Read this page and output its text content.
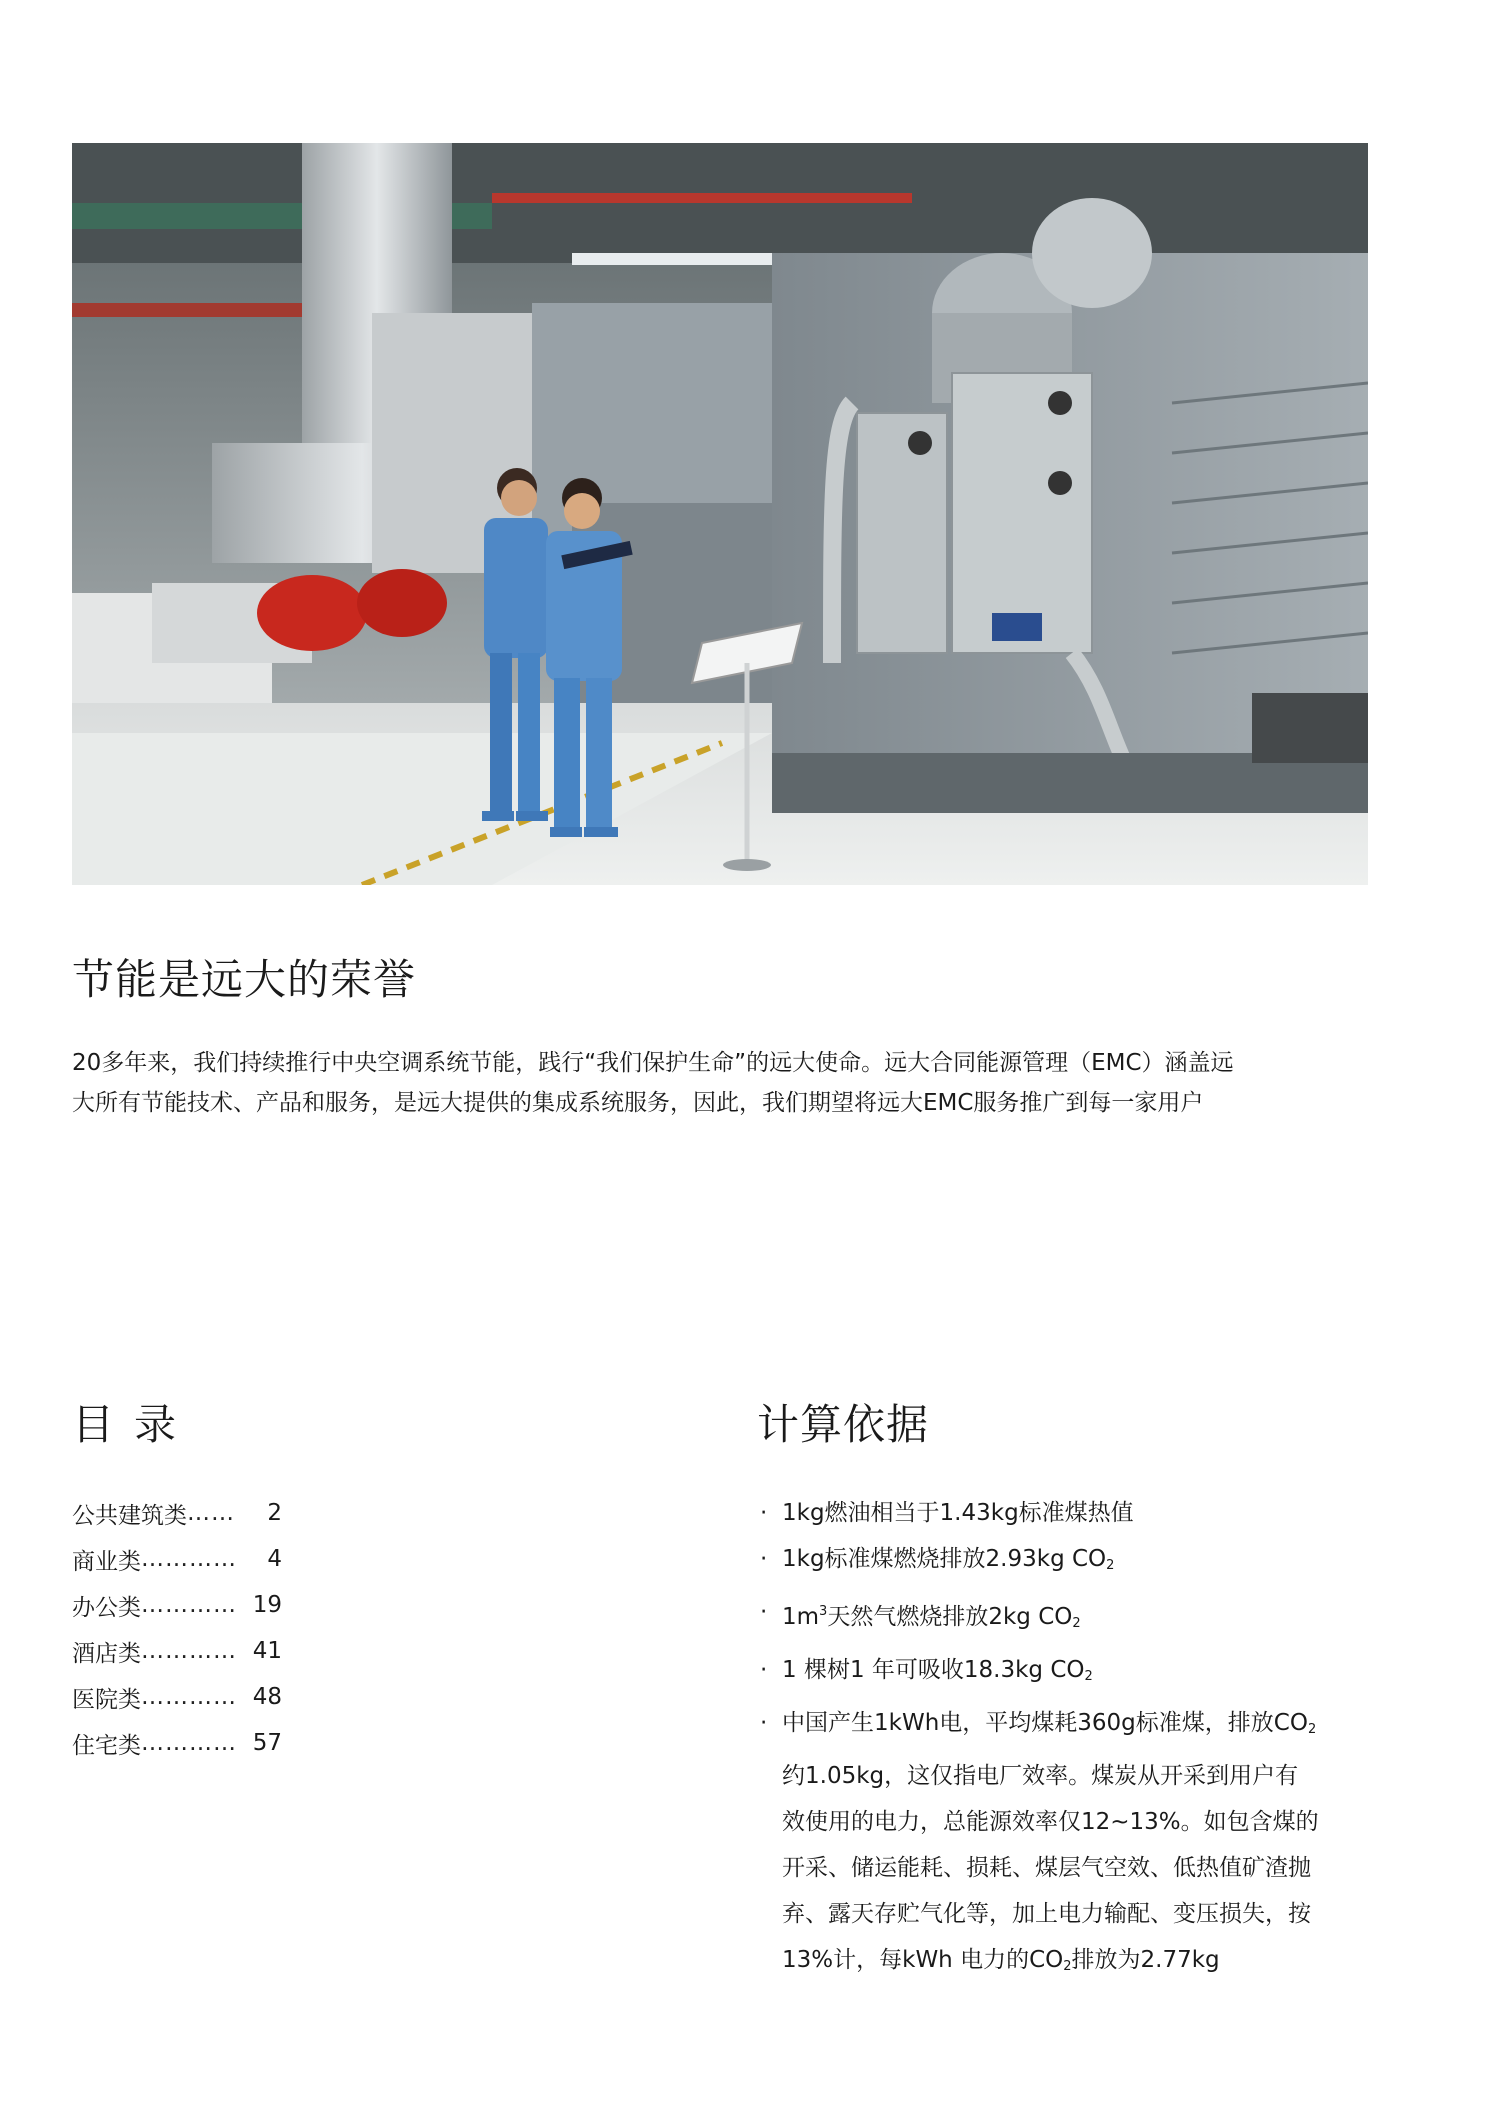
节能是远大的荣誉

20多年来，我们持续推行中央空调系统节能，践行“我们保护生命”的远大使命。远大合同能源管理（EMC）涵盖远

大所有节能技术、产品和服务，是远大提供的集成系统服务，因此，我们期望将远大EMC服务推广到每一家用户

目录	计算依据
公共建筑类 ……	2
商业类 …………	4
办公类 ………… 19
酒店类 ………… 41
医院类 ………… 48
住宅类 ………… 57
· 1kg燃油相当于1.43kg标准煤热值
· 1kg标准煤燃烧排放2.93kg $CO_2$
· $1m^3$天然气燃烧排放2kg $CO_2$
· 1 棵树1 年可吸收18.3kg $CO_2$
· 中国产生1kWh电，平均煤耗360g标准煤，排放$CO_2$
约1.05kg，这仅指电厂效率。煤炭从开采到用户有
效使用的电力，总能源效率仅12~13%。如包含煤的
开采、储运能耗、损耗、煤层气空效、低热值矿渣抛
弃、露天存贮气化等，加上电力输配、变压损失，按
13%计，每kWh 电力的$CO_2$排放为2.77kg
